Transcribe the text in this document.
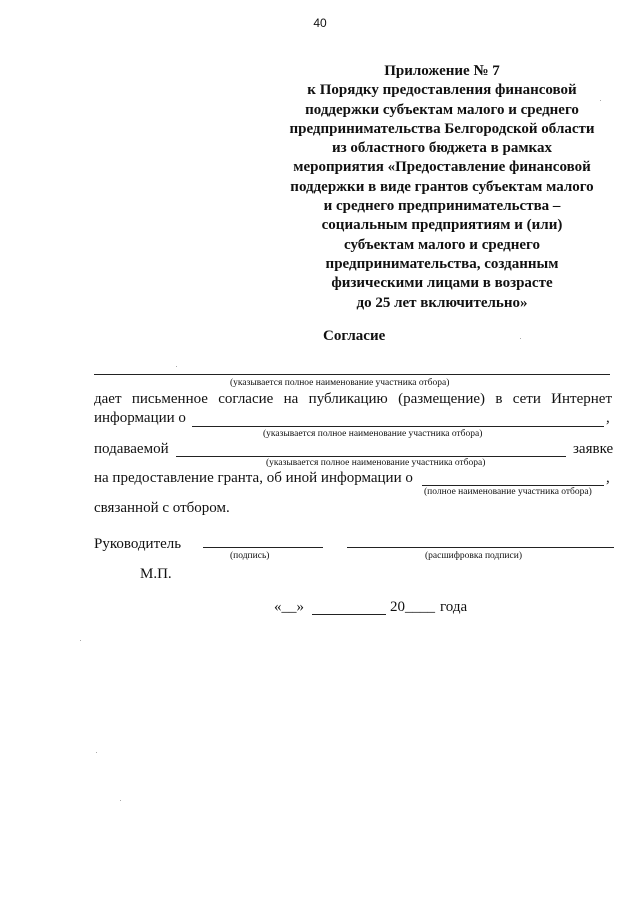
40
Приложение № 7
к Порядку предоставления финансовой
поддержки субъектам малого и среднего
предпринимательства Белгородской области
из областного бюджета в рамках
мероприятия «Предоставление финансовой
поддержки в виде грантов субъектам малого
и среднего предпринимательства –
социальным предприятиям и (или)
субъектам малого и среднего
предпринимательства, созданным
физическими лицами в возрасте
до 25 лет включительно»
Согласие
(указывается полное наименование участника отбора)
дает письменное согласие на публикацию (размещение) в сети Интернет
информации о	,
(указывается полное наименование участника отбора)
подаваемой	заявке
(указывается полное наименование участника отбора)
на предоставление гранта, об иной информации о	,
(полное наименование участника отбора)
связанной с отбором.
Руководитель
(подпись)	(расшифровка подписи)
М.П.
«__»	20____ года
